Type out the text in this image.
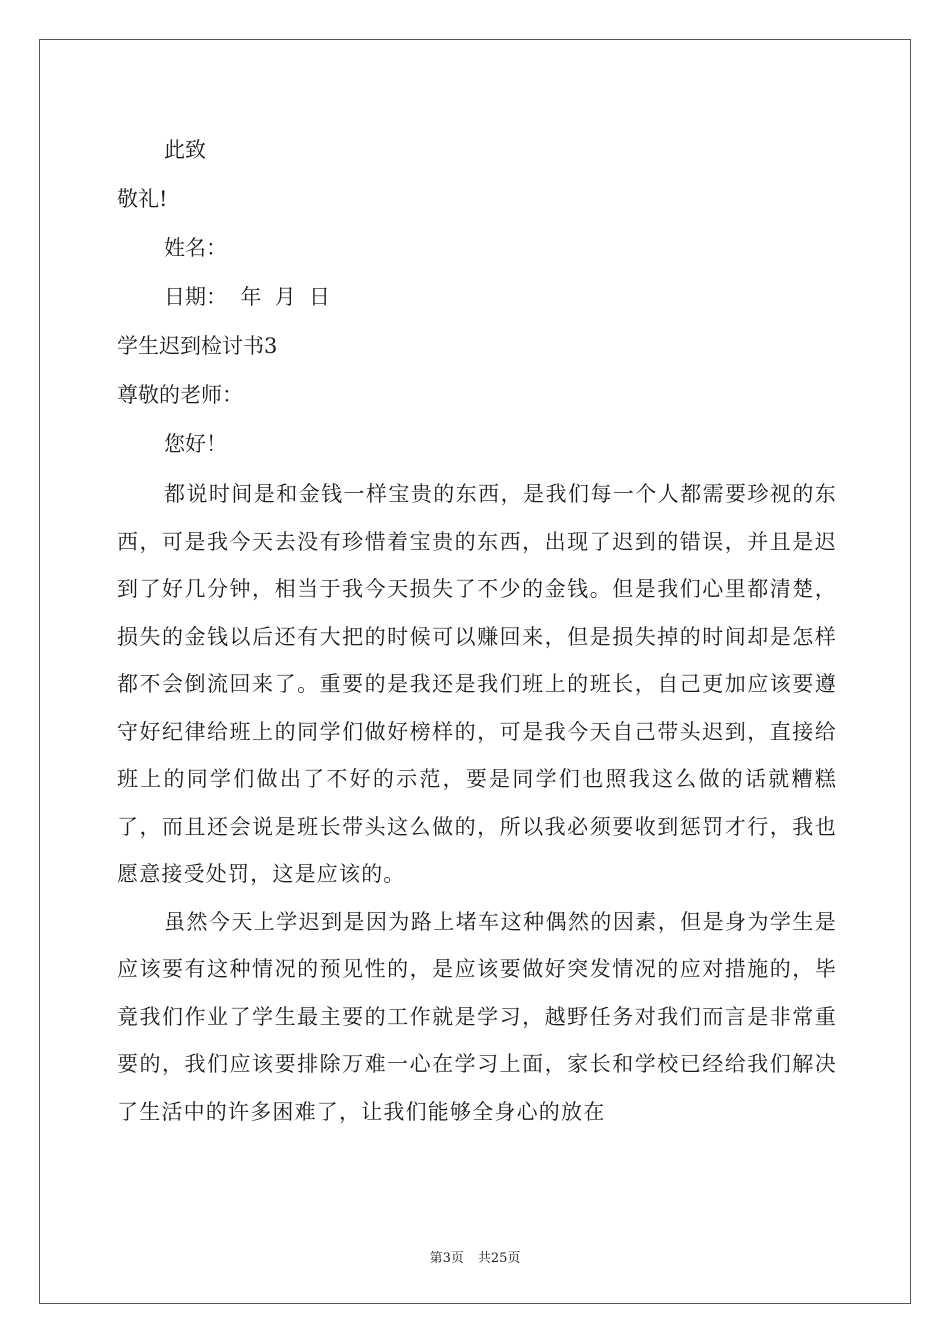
此致

敬礼!

姓名：

日期：  年  月  日

学生迟到检讨书3

尊敬的老师：

您好！

都说时间是和金钱一样宝贵的东西，是我们每一个人都需要珍视的东西，可是我今天去没有珍惜着宝贵的东西，出现了迟到的错误，并且是迟到了好几分钟，相当于我今天损失了不少的金钱。但是我们心里都清楚，损失的金钱以后还有大把的时候可以赚回来，但是损失掉的时间却是怎样都不会倒流回来了。重要的是我还是我们班上的班长，自己更加应该要遵守好纪律给班上的同学们做好榜样的，可是我今天自己带头迟到，直接给班上的同学们做出了不好的示范，要是同学们也照我这么做的话就糟糕了，而且还会说是班长带头这么做的，所以我必须要收到惩罚才行，我也愿意接受处罚，这是应该的。

虽然今天上学迟到是因为路上堵车这种偶然的因素，但是身为学生是应该要有这种情况的预见性的，是应该要做好突发情况的应对措施的，毕竟我们作业了学生最主要的工作就是学习，越野任务对我们而言是非常重要的，我们应该要排除万难一心在学习上面，家长和学校已经给我们解决了生活中的许多困难了，让我们能够全身心的放在

第3页 共25页
